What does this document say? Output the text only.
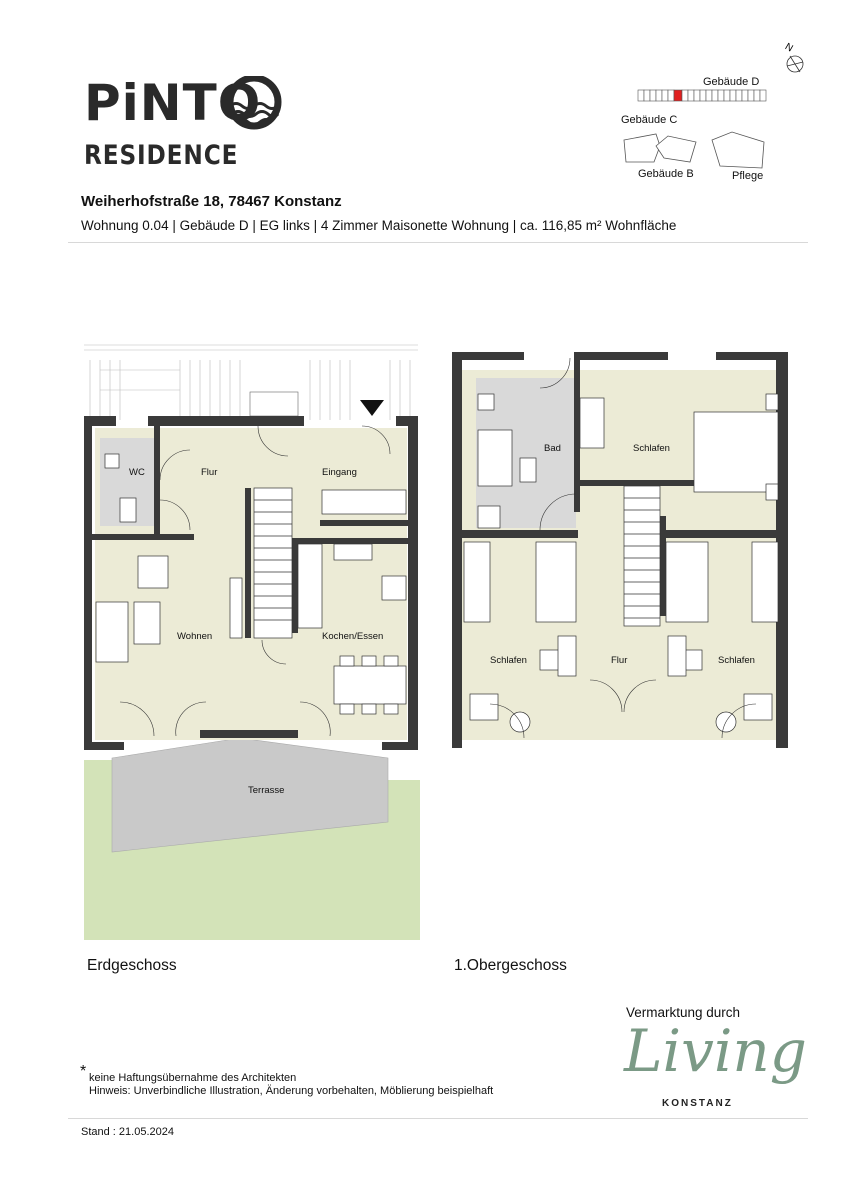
PiNTO
RESIDENCE
Weiherhofstraße 18, 78467 Konstanz
Wohnung 0.04 | Gebäude D | EG links | 4 Zimmer Maisonette Wohnung | ca. 116,85 m² Wohnfläche
N
Gebäude D
Gebäude C
Gebäude B	Pflege
WC	Flur	Eingang
Wohnen	Kochen/Essen
Terrasse
Bad	Schlafen
Schlafen	Flur	Schlafen
Erdgeschoss	1.Obergeschoss
Vermarktung durch
Living
KONSTANZ
* keine Haftungsübernahme des Architekten
Hinweis: Unverbindliche Illustration, Änderung vorbehalten, Möblierung beispielhaft
Stand : 21.05.2024
